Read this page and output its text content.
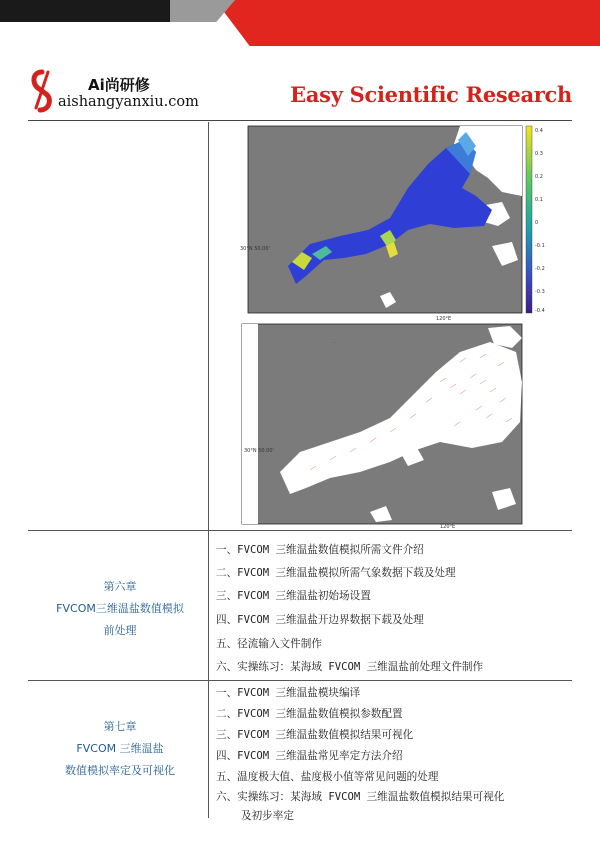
Ai尚研修
aishangyanxiu.com	Easy Scientific Research
0.4
0.3
0.2
0.1
0
-0.1
-0.2
-0.3
-0.4
30°N 50.00'
120°E
—
30°N 50.00'
120°E
第六章
FVCOM三维温盐数值模拟
前处理
一、FVCOM 三维温盐数值模拟所需文件介绍
二、FVCOM 三维温盐模拟所需气象数据下载及处理
三、FVCOM 三维温盐初始场设置
四、FVCOM 三维温盐开边界数据下载及处理
五、径流输入文件制作
六、实操练习：某海域 FVCOM 三维温盐前处理文件制作
第七章
FVCOM 三维温盐
数值模拟率定及可视化
一、FVCOM 三维温盐模块编译
二、FVCOM 三维温盐数值模拟参数配置
三、FVCOM 三维温盐数值模拟结果可视化
四、FVCOM 三维温盐常见率定方法介绍
五、温度极大值、盐度极小值等常见问题的处理
六、实操练习：某海域 FVCOM 三维温盐数值模拟结果可视化
及初步率定
